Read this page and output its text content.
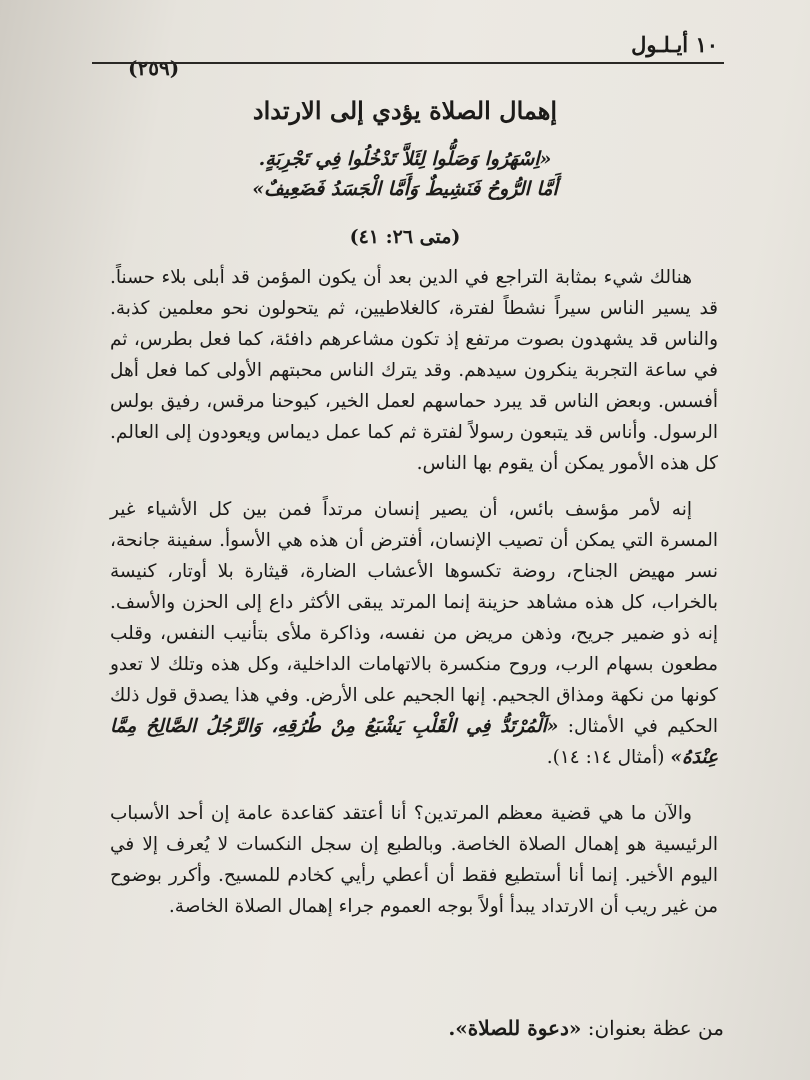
١٠ أيـلـول
(٢٥٩)
إهمال الصلاة يؤدي إلى الارتداد
«اِسْهَرُوا وَصَلُّوا لِئَلاَّ تَدْخُلُوا فِي تَجْرِبَةٍ.
أَمَّا الرُّوحُ فَنَشِيطٌ وَأَمَّا الْجَسَدُ فَضَعِيفٌ»
(متى ٢٦: ٤١)

هنالك شيء بمثابة التراجع في الدين بعد أن يكون المؤمن قد أبلى بلاء حسناً. قد يسير الناس سيراً نشطاً لفترة، كالغلاطيين، ثم يتحولون نحو معلمين كذبة. والناس قد يشهدون بصوت مرتفع إذ تكون مشاعرهم دافئة، كما فعل بطرس، ثم في ساعة التجربة ينكرون سيدهم. وقد يترك الناس محبتهم الأولى كما فعل أهل أفسس. وبعض الناس قد يبرد حماسهم لعمل الخير، كيوحنا مرقس، رفيق بولس الرسول. وأناس قد يتبعون رسولاً لفترة ثم كما عمل ديماس ويعودون إلى العالم. كل هذه الأمور يمكن أن يقوم بها الناس.

إنه لأمر مؤسف بائس، أن يصير إنسان مرتداً فمن بين كل الأشياء غير المسرة التي يمكن أن تصيب الإنسان، أفترض أن هذه هي الأسوأ. سفينة جانحة، نسر مهيض الجناح، روضة تكسوها الأعشاب الضارة، قيثارة بلا أوتار، كنيسة بالخراب، كل هذه مشاهد حزينة إنما المرتد يبقى الأكثر داع إلى الحزن والأسف. إنه ذو ضمير جريح، وذهن مريض من نفسه، وذاكرة ملأى بتأنيب النفس، وقلب مطعون بسهام الرب، وروح منكسرة بالاتهامات الداخلية، وكل هذه وتلك لا تعدو كونها من نكهة ومذاق الجحيم. إنها الجحيم على الأرض. وفي هذا يصدق قول ذلك الحكيم في الأمثال: «اَلْمُرْتَدُّ فِي الْقَلْبِ يَشْبَعُ مِنْ طُرُقِهِ، وَالرَّجُلُ الصَّالِحُ مِمَّا عِنْدَهُ» (أمثال ١٤: ١٤).

والآن ما هي قضية معظم المرتدين؟ أنا أعتقد كقاعدة عامة إن أحد الأسباب الرئيسية هو إهمال الصلاة الخاصة. وبالطبع إن سجل النكسات لا يُعرف إلا في اليوم الأخير. إنما أنا أستطيع فقط أن أعطي رأيي كخادم للمسيح. وأكرر بوضوح من غير ريب أن الارتداد يبدأ أولاً بوجه العموم جراء إهمال الصلاة الخاصة.

من عظة بعنوان: «دعوة للصلاة».
